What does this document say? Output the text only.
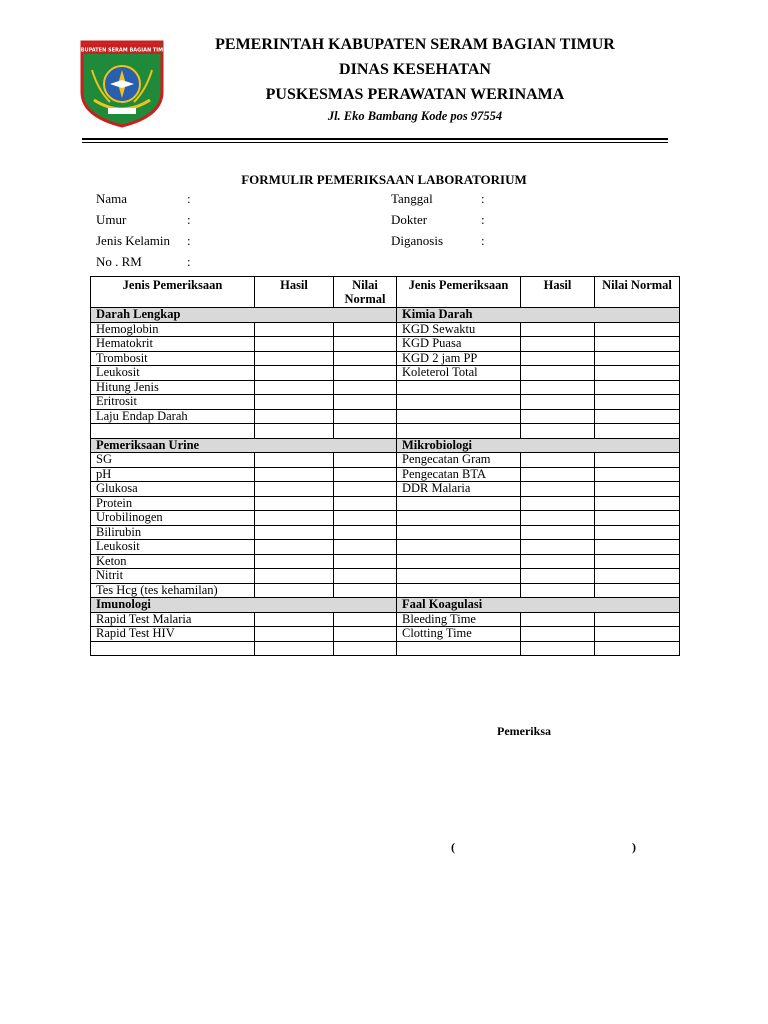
KABUPATEN SERAM BAGIAN TIMUR	PEMERINTAH KABUPATEN SERAM BAGIAN TIMUR
DINAS KESEHATAN
PUSKESMAS PERAWATAN WERINAMA
Jl. Eko Bambang Kode pos 97554
FORMULIR PEMERIKSAAN LABORATORIUM
Nama	:
Umur	:
Jenis Kelamin :
No . RM	:
Tanggal	:
Dokter	:
Diganosis	:
Jenis Pemeriksaan	Hasil	Nilai Normal	Jenis Pemeriksaan	Hasil	Nilai Normal
Darah Lengkap			Kimia Darah		
Hemoglobin			KGD Sewaktu		
Hematokrit			KGD Puasa		
Trombosit			KGD 2 jam PP		
Leukosit			Koleterol Total		
Hitung Jenis					
Eritrosit					
Laju Endap Darah					

Pemeriksaan Urine			Mikrobiologi		
SG			Pengecatan Gram		
pH			Pengecatan BTA		
Glukosa			DDR Malaria		
Protein					
Urobilinogen					
Bilirubin					
Leukosit					
Keton					
Nitrit					
Tes Hcg (tes kehamilan)					
Imunologi			Faal Koagulasi		
Rapid Test Malaria			Bleeding Time		
Rapid Test HIV			Clotting Time		

Pemeriksa
(	)
